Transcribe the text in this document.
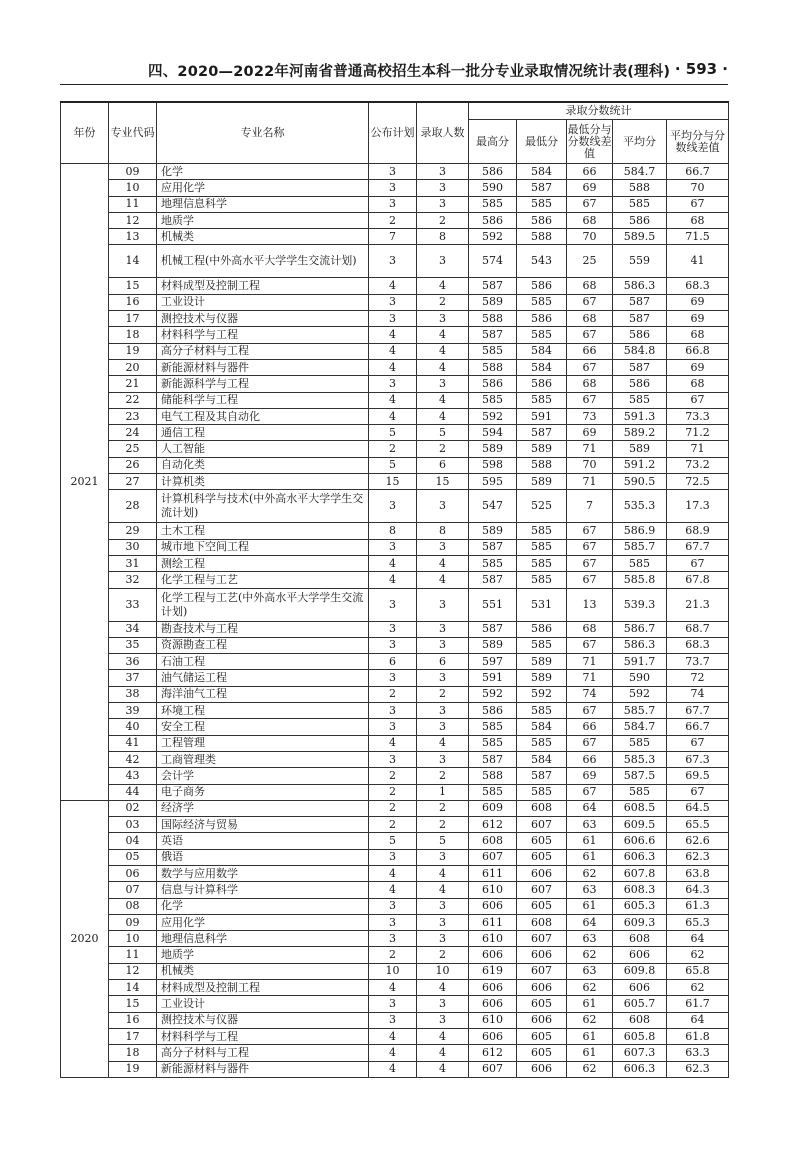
四、2020—2022年河南省普通高校招生本科一批分专业录取情况统计表(理科) · 593 ·
年份	专业代码	专业名称	公布计划	录取人数	录取分数统计				
					最高分	最低分	最低分与分数线差值	平均分	平均分与分数线差值
2021	09	化学	3	3	586	584	66	584.7	66.7
	10	应用化学	3	3	590	587	69	588	70
	11	地理信息科学	3	3	585	585	67	585	67
	12	地质学	2	2	586	586	68	586	68
	13	机械类	7	8	592	588	70	589.5	71.5
	14	机械工程(中外高水平大学学生交流计划)	3	3	574	543	25	559	41
	15	材料成型及控制工程	4	4	587	586	68	586.3	68.3
	16	工业设计	3	2	589	585	67	587	69
	17	测控技术与仪器	3	3	588	586	68	587	69
	18	材料科学与工程	4	4	587	585	67	586	68
	19	高分子材料与工程	4	4	585	584	66	584.8	66.8
	20	新能源材料与器件	4	4	588	584	67	587	69
	21	新能源科学与工程	3	3	586	586	68	586	68
	22	储能科学与工程	4	4	585	585	67	585	67
	23	电气工程及其自动化	4	4	592	591	73	591.3	73.3
	24	通信工程	5	5	594	587	69	589.2	71.2
	25	人工智能	2	2	589	589	71	589	71
	26	自动化类	5	6	598	588	70	591.2	73.2
	27	计算机类	15	15	595	589	71	590.5	72.5
	28	计算机科学与技术(中外高水平大学学生交流计划)	3	3	547	525	7	535.3	17.3
	29	土木工程	8	8	589	585	67	586.9	68.9
	30	城市地下空间工程	3	3	587	585	67	585.7	67.7
	31	测绘工程	4	4	585	585	67	585	67
	32	化学工程与工艺	4	4	587	585	67	585.8	67.8
	33	化学工程与工艺(中外高水平大学学生交流计划)	3	3	551	531	13	539.3	21.3
	34	勘查技术与工程	3	3	587	586	68	586.7	68.7
	35	资源勘查工程	3	3	589	585	67	586.3	68.3
	36	石油工程	6	6	597	589	71	591.7	73.7
	37	油气储运工程	3	3	591	589	71	590	72
	38	海洋油气工程	2	2	592	592	74	592	74
	39	环境工程	3	3	586	585	67	585.7	67.7
	40	安全工程	3	3	585	584	66	584.7	66.7
	41	工程管理	4	4	585	585	67	585	67
	42	工商管理类	3	3	587	584	66	585.3	67.3
	43	会计学	2	2	588	587	69	587.5	69.5
	44	电子商务	2	1	585	585	67	585	67
2020	02	经济学	2	2	609	608	64	608.5	64.5
	03	国际经济与贸易	2	2	612	607	63	609.5	65.5
	04	英语	5	5	608	605	61	606.6	62.6
	05	俄语	3	3	607	605	61	606.3	62.3
	06	数学与应用数学	4	4	611	606	62	607.8	63.8
	07	信息与计算科学	4	4	610	607	63	608.3	64.3
	08	化学	3	3	606	605	61	605.3	61.3
	09	应用化学	3	3	611	608	64	609.3	65.3
	10	地理信息科学	3	3	610	607	63	608	64
	11	地质学	2	2	606	606	62	606	62
	12	机械类	10	10	619	607	63	609.8	65.8
	14	材料成型及控制工程	4	4	606	606	62	606	62
	15	工业设计	3	3	606	605	61	605.7	61.7
	16	测控技术与仪器	3	3	610	606	62	608	64
	17	材料科学与工程	4	4	606	605	61	605.8	61.8
	18	高分子材料与工程	4	4	612	605	61	607.3	63.3
	19	新能源材料与器件	4	4	607	606	62	606.3	62.3
